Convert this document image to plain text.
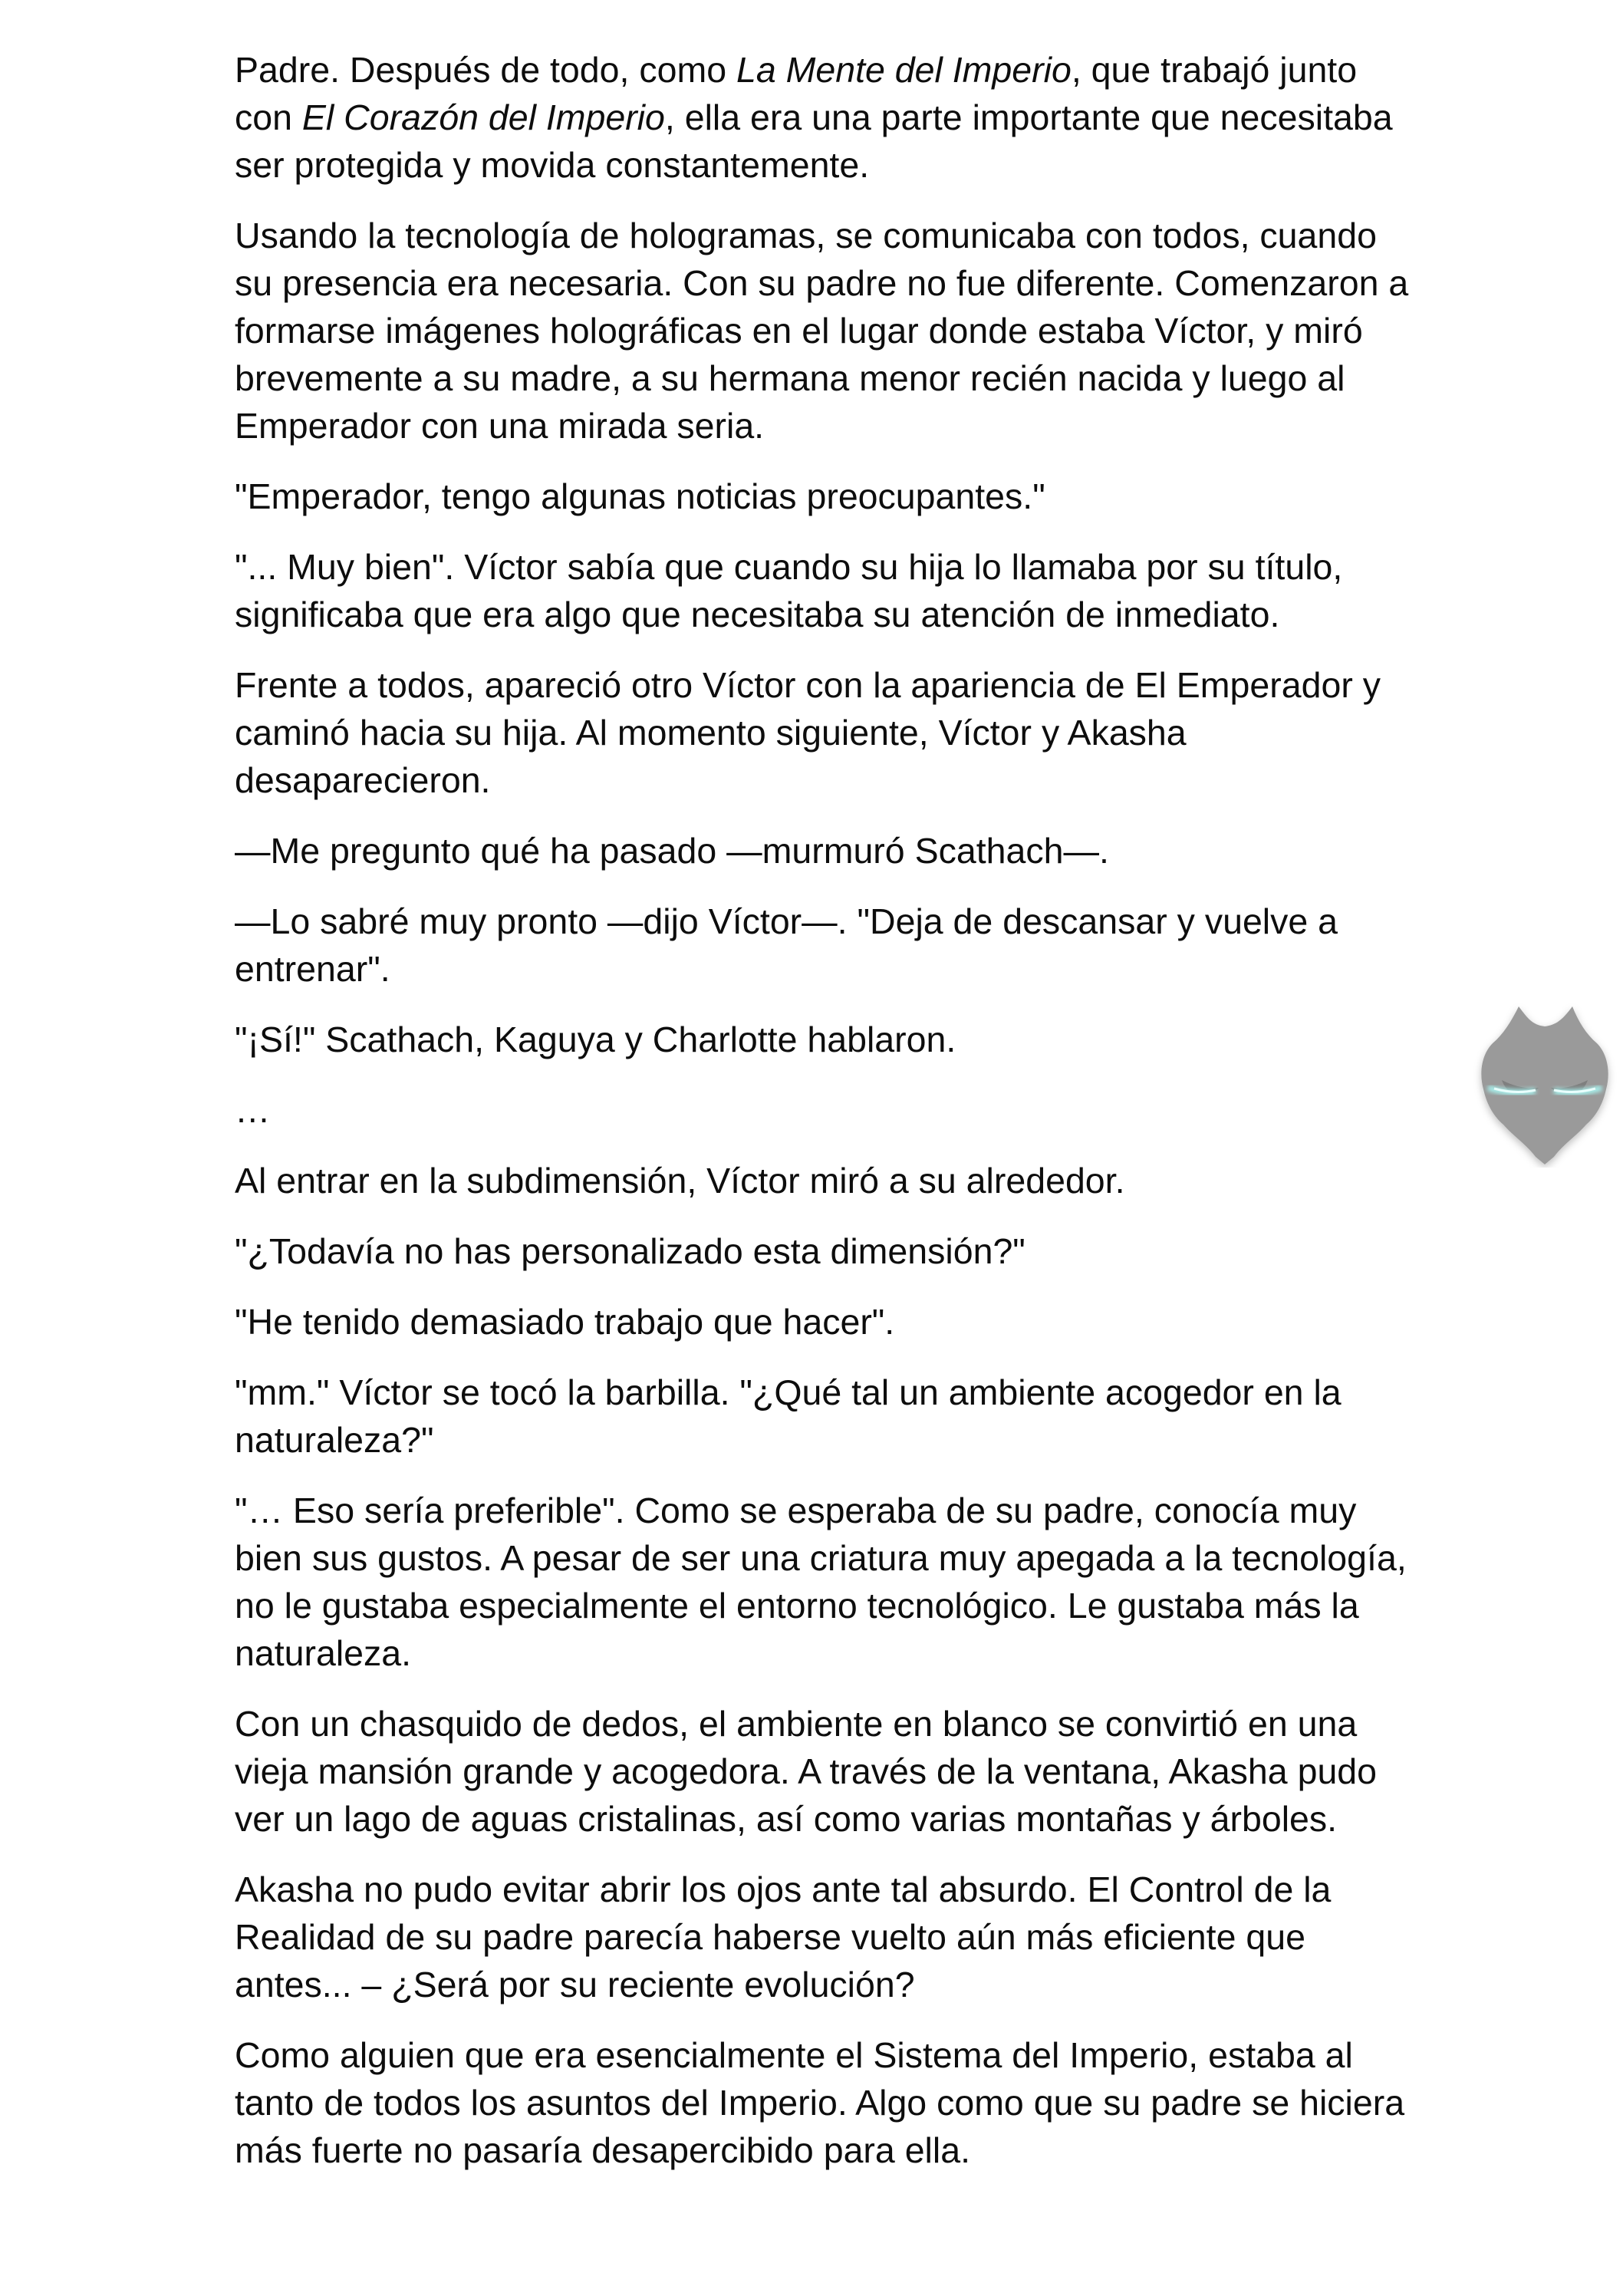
Padre. Después de todo, como La Mente del Imperio, que trabajó junto con El Corazón del Imperio, ella era una parte importante que necesitaba ser protegida y movida constantemente.

Usando la tecnología de hologramas, se comunicaba con todos, cuando su presencia era necesaria. Con su padre no fue diferente. Comenzaron a formarse imágenes holográficas en el lugar donde estaba Víctor, y miró brevemente a su madre, a su hermana menor recién nacida y luego al Emperador con una mirada seria.

"Emperador, tengo algunas noticias preocupantes."

"... Muy bien". Víctor sabía que cuando su hija lo llamaba por su título, significaba que era algo que necesitaba su atención de inmediato.

Frente a todos, apareció otro Víctor con la apariencia de El Emperador y caminó hacia su hija. Al momento siguiente, Víctor y Akasha desaparecieron.

—Me pregunto qué ha pasado —murmuró Scathach—.

—Lo sabré muy pronto —dijo Víctor—. "Deja de descansar y vuelve a entrenar".

"¡Sí!" Scathach, Kaguya y Charlotte hablaron.

…

Al entrar en la subdimensión, Víctor miró a su alrededor.

"¿Todavía no has personalizado esta dimensión?"

"He tenido demasiado trabajo que hacer".

"mm." Víctor se tocó la barbilla. "¿Qué tal un ambiente acogedor en la naturaleza?"

"… Eso sería preferible". Como se esperaba de su padre, conocía muy bien sus gustos. A pesar de ser una criatura muy apegada a la tecnología, no le gustaba especialmente el entorno tecnológico. Le gustaba más la naturaleza.

Con un chasquido de dedos, el ambiente en blanco se convirtió en una vieja mansión grande y acogedora. A través de la ventana, Akasha pudo ver un lago de aguas cristalinas, así como varias montañas y árboles.

Akasha no pudo evitar abrir los ojos ante tal absurdo. El Control de la Realidad de su padre parecía haberse vuelto aún más eficiente que antes... – ¿Será por su reciente evolución?

Como alguien que era esencialmente el Sistema del Imperio, estaba al tanto de todos los asuntos del Imperio. Algo como que su padre se hiciera más fuerte no pasaría desapercibido para ella.
